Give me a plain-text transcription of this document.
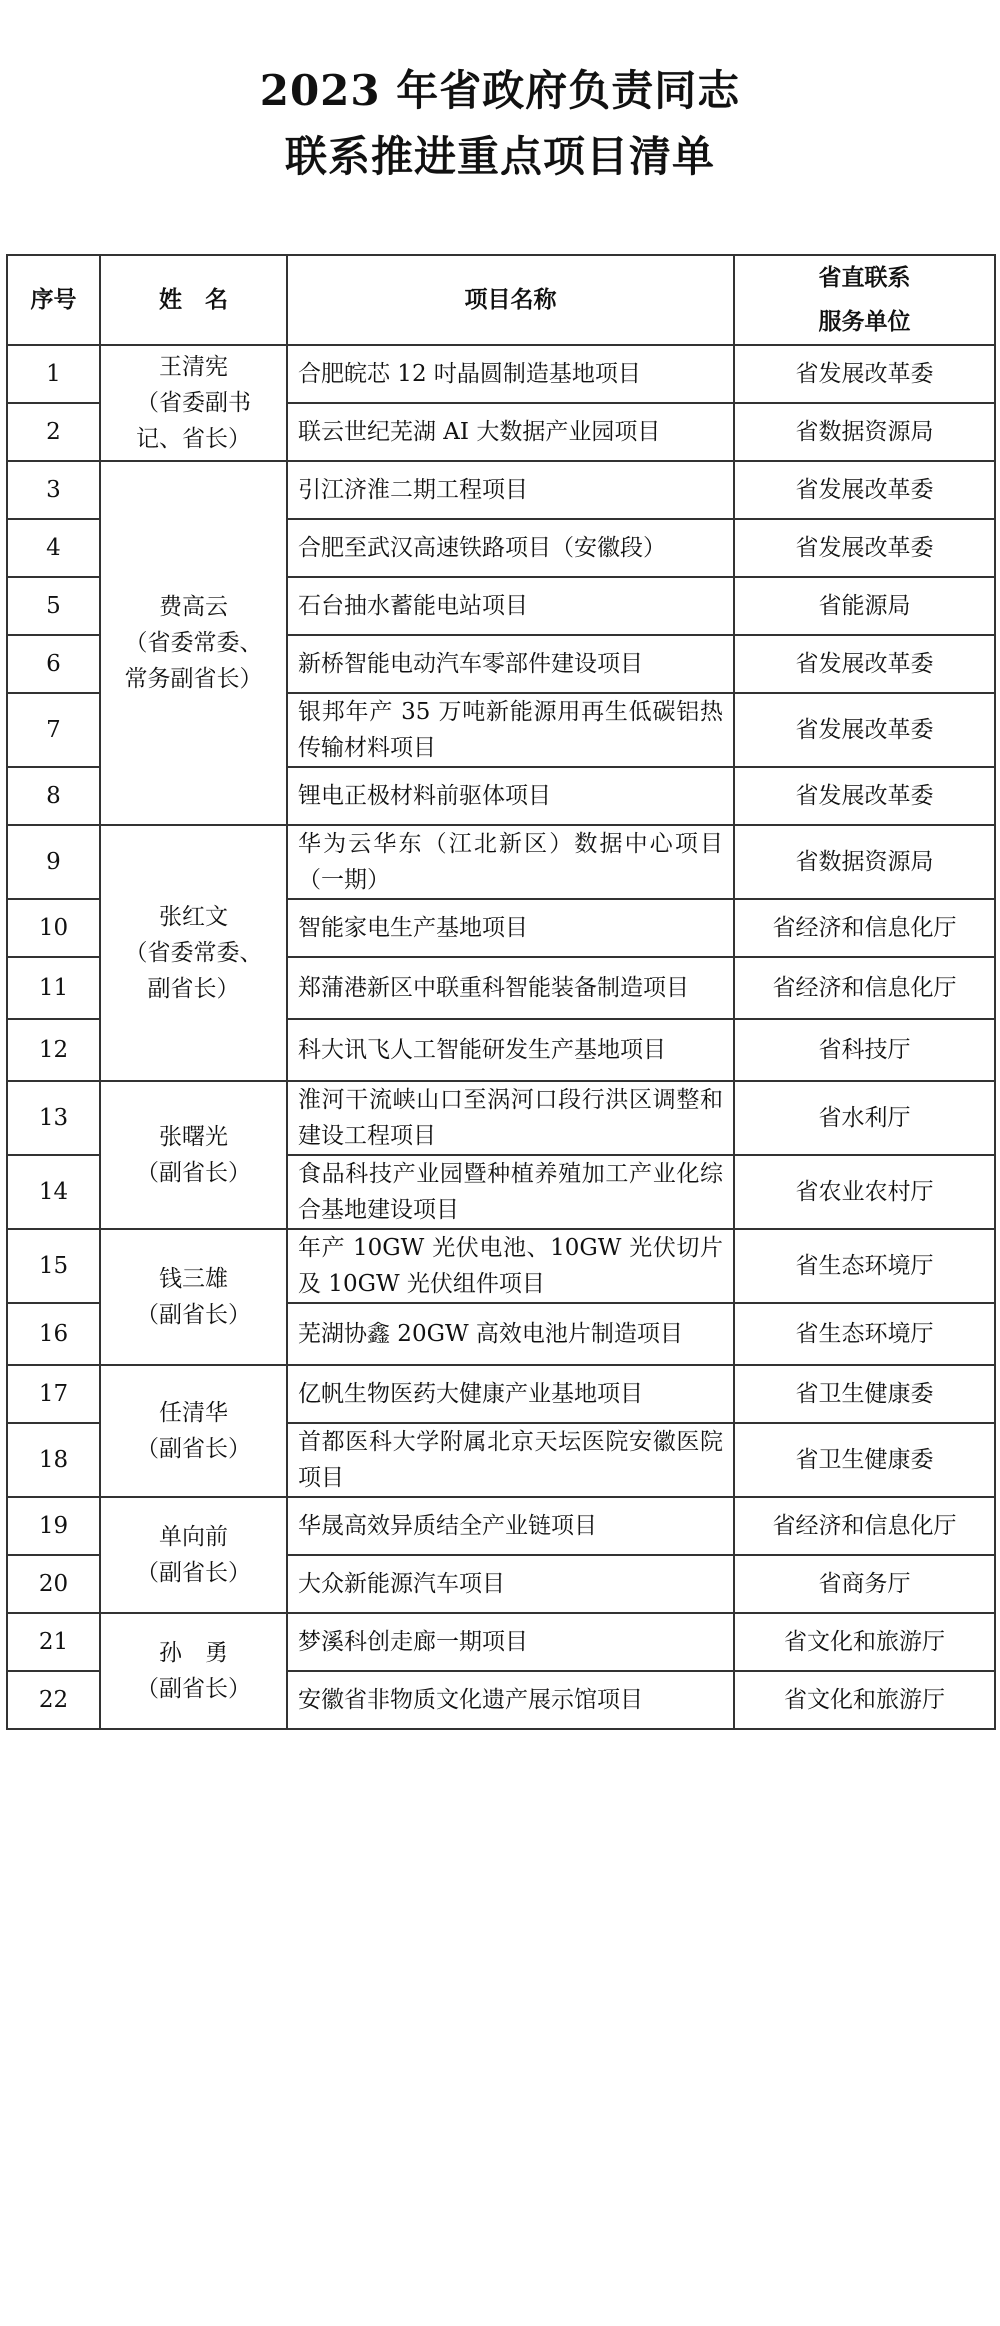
2023 年省政府负责同志
联系推进重点项目清单
序号	姓　名	项目名称	省直联系
服务单位

1	王清宪
（省委副书
记、省长）	合肥皖芯 12 吋晶圆制造基地项目	省发展改革委
2		联云世纪芜湖 AI 大数据产业园项目	省数据资源局
3	费高云
（省委常委、
常务副省长）	引江济淮二期工程项目	省发展改革委
4		合肥至武汉高速铁路项目（安徽段）	省发展改革委
5		石台抽水蓄能电站项目	省能源局
6		新桥智能电动汽车零部件建设项目	省发展改革委
7		银邦年产 35 万吨新能源用再生低碳铝热传输材料项目	省发展改革委
8		锂电正极材料前驱体项目	省发展改革委
9	张红文
（省委常委、
副省长）	华为云华东（江北新区）数据中心项目（一期）	省数据资源局
10		智能家电生产基地项目	省经济和信息化厅
11		郑蒲港新区中联重科智能装备制造项目	省经济和信息化厅
12		科大讯飞人工智能研发生产基地项目	省科技厅
13	张曙光
（副省长）	淮河干流峡山口至涡河口段行洪区调整和建设工程项目	省水利厅
14		食品科技产业园暨种植养殖加工产业化综合基地建设项目	省农业农村厅
15	钱三雄
（副省长）	年产 10GW 光伏电池、10GW 光伏切片及 10GW 光伏组件项目	省生态环境厅
16		芜湖协鑫 20GW 高效电池片制造项目	省生态环境厅
17	任清华
（副省长）	亿帆生物医药大健康产业基地项目	省卫生健康委
18		首都医科大学附属北京天坛医院安徽医院项目	省卫生健康委
19	单向前
（副省长）	华晟高效异质结全产业链项目	省经济和信息化厅
20		大众新能源汽车项目	省商务厅
21	孙　勇
（副省长）	梦溪科创走廊一期项目	省文化和旅游厅
22		安徽省非物质文化遗产展示馆项目	省文化和旅游厅
